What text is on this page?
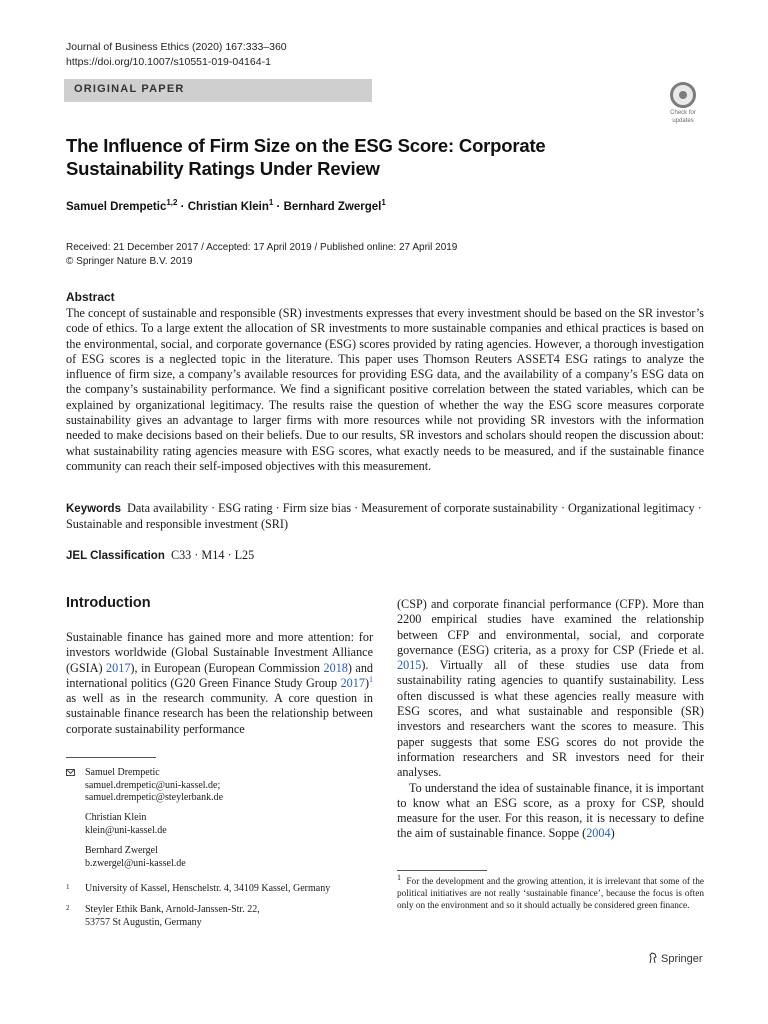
Journal of Business Ethics (2020) 167:333–360
https://doi.org/10.1007/s10551-019-04164-1
ORIGINAL PAPER
Check for
updates
The Influence of Firm Size on the ESG Score: Corporate Sustainability Ratings Under Review
Samuel Drempetic$^{1,2}$ · Christian Klein$^1$ · Bernhard Zwergel$^1$
Received: 21 December 2017 / Accepted: 17 April 2019 / Published online: 27 April 2019
© Springer Nature B.V. 2019
Abstract
The concept of sustainable and responsible (SR) investments expresses that every investment should be based on the SR investor’s code of ethics. To a large extent the allocation of SR investments to more sustainable companies and ethical practices is based on the environmental, social, and corporate governance (ESG) scores provided by rating agencies. However, a thorough investigation of ESG scores is a neglected topic in the literature. This paper uses Thomson Reuters ASSET4 ESG ratings to analyze the influence of firm size, a company’s available resources for providing ESG data, and the availability of a company’s ESG data on the company’s sustainability performance. We find a significant positive correlation between the stated variables, which can be explained by organizational legitimacy. The results raise the question of whether the way the ESG score measures corporate sustainability gives an advantage to larger firms with more resources while not providing SR investors with the information needed to make decisions based on their beliefs. Due to our results, SR investors and scholars should reopen the discussion about: what sustainability rating agencies measure with ESG scores, what exactly needs to be measured, and if the sustainable finance community can reach their self-imposed objectives with this measurement.
Keywords Data availability · ESG rating · Firm size bias · Measurement of corporate sustainability · Organizational legitimacy · Sustainable and responsible investment (SRI)
JEL Classification C33 · M14 · L25
Introduction
Sustainable finance has gained more and more attention: for investors worldwide (Global Sustainable Investment Alliance (GSIA) 2017), in European (European Commission 2018) and international politics (G20 Green Finance Study Group 2017)$^1$ as well as in the research community. A core question in sustainable finance research has been the relationship between corporate sustainability performance

(CSP) and corporate financial performance (CFP). More than 2200 empirical studies have examined the relationship between CFP and environmental, social, and corporate governance (ESG) criteria, as a proxy for CSP (Friede et al. 2015). Virtually all of these studies use data from sustainability rating agencies to quantify sustainability. Less often discussed is what these agencies really measure with ESG scores, and what sustainable and responsible (SR) investors and researchers want the scores to measure. This paper suggests that some ESG scores do not provide the information researchers and SR investors need for their analyses.

To understand the idea of sustainable finance, it is important to know what an ESG score, as a proxy for CSP, should measure for the user. For this reason, it is necessary to define the aim of sustainable finance. Soppe (2004)

Samuel Drempetic
samuel.drempetic@uni-kassel.de;
samuel.drempetic@steylerbank.de
Christian Klein
klein@uni-kassel.de
Bernhard Zwergel
b.zwergel@uni-kassel.de
1 University of Kassel, Henschelstr. 4, 34109 Kassel, Germany
2 Steyler Ethik Bank, Arnold-Janssen-Str. 22,
53757 St Augustin, Germany
$^1$ For the development and the growing attention, it is irrelevant that some of the political initiatives are not really ‘sustainable finance’, because the focus is often only on the environment and so it should actually be considered green finance.
Springer
